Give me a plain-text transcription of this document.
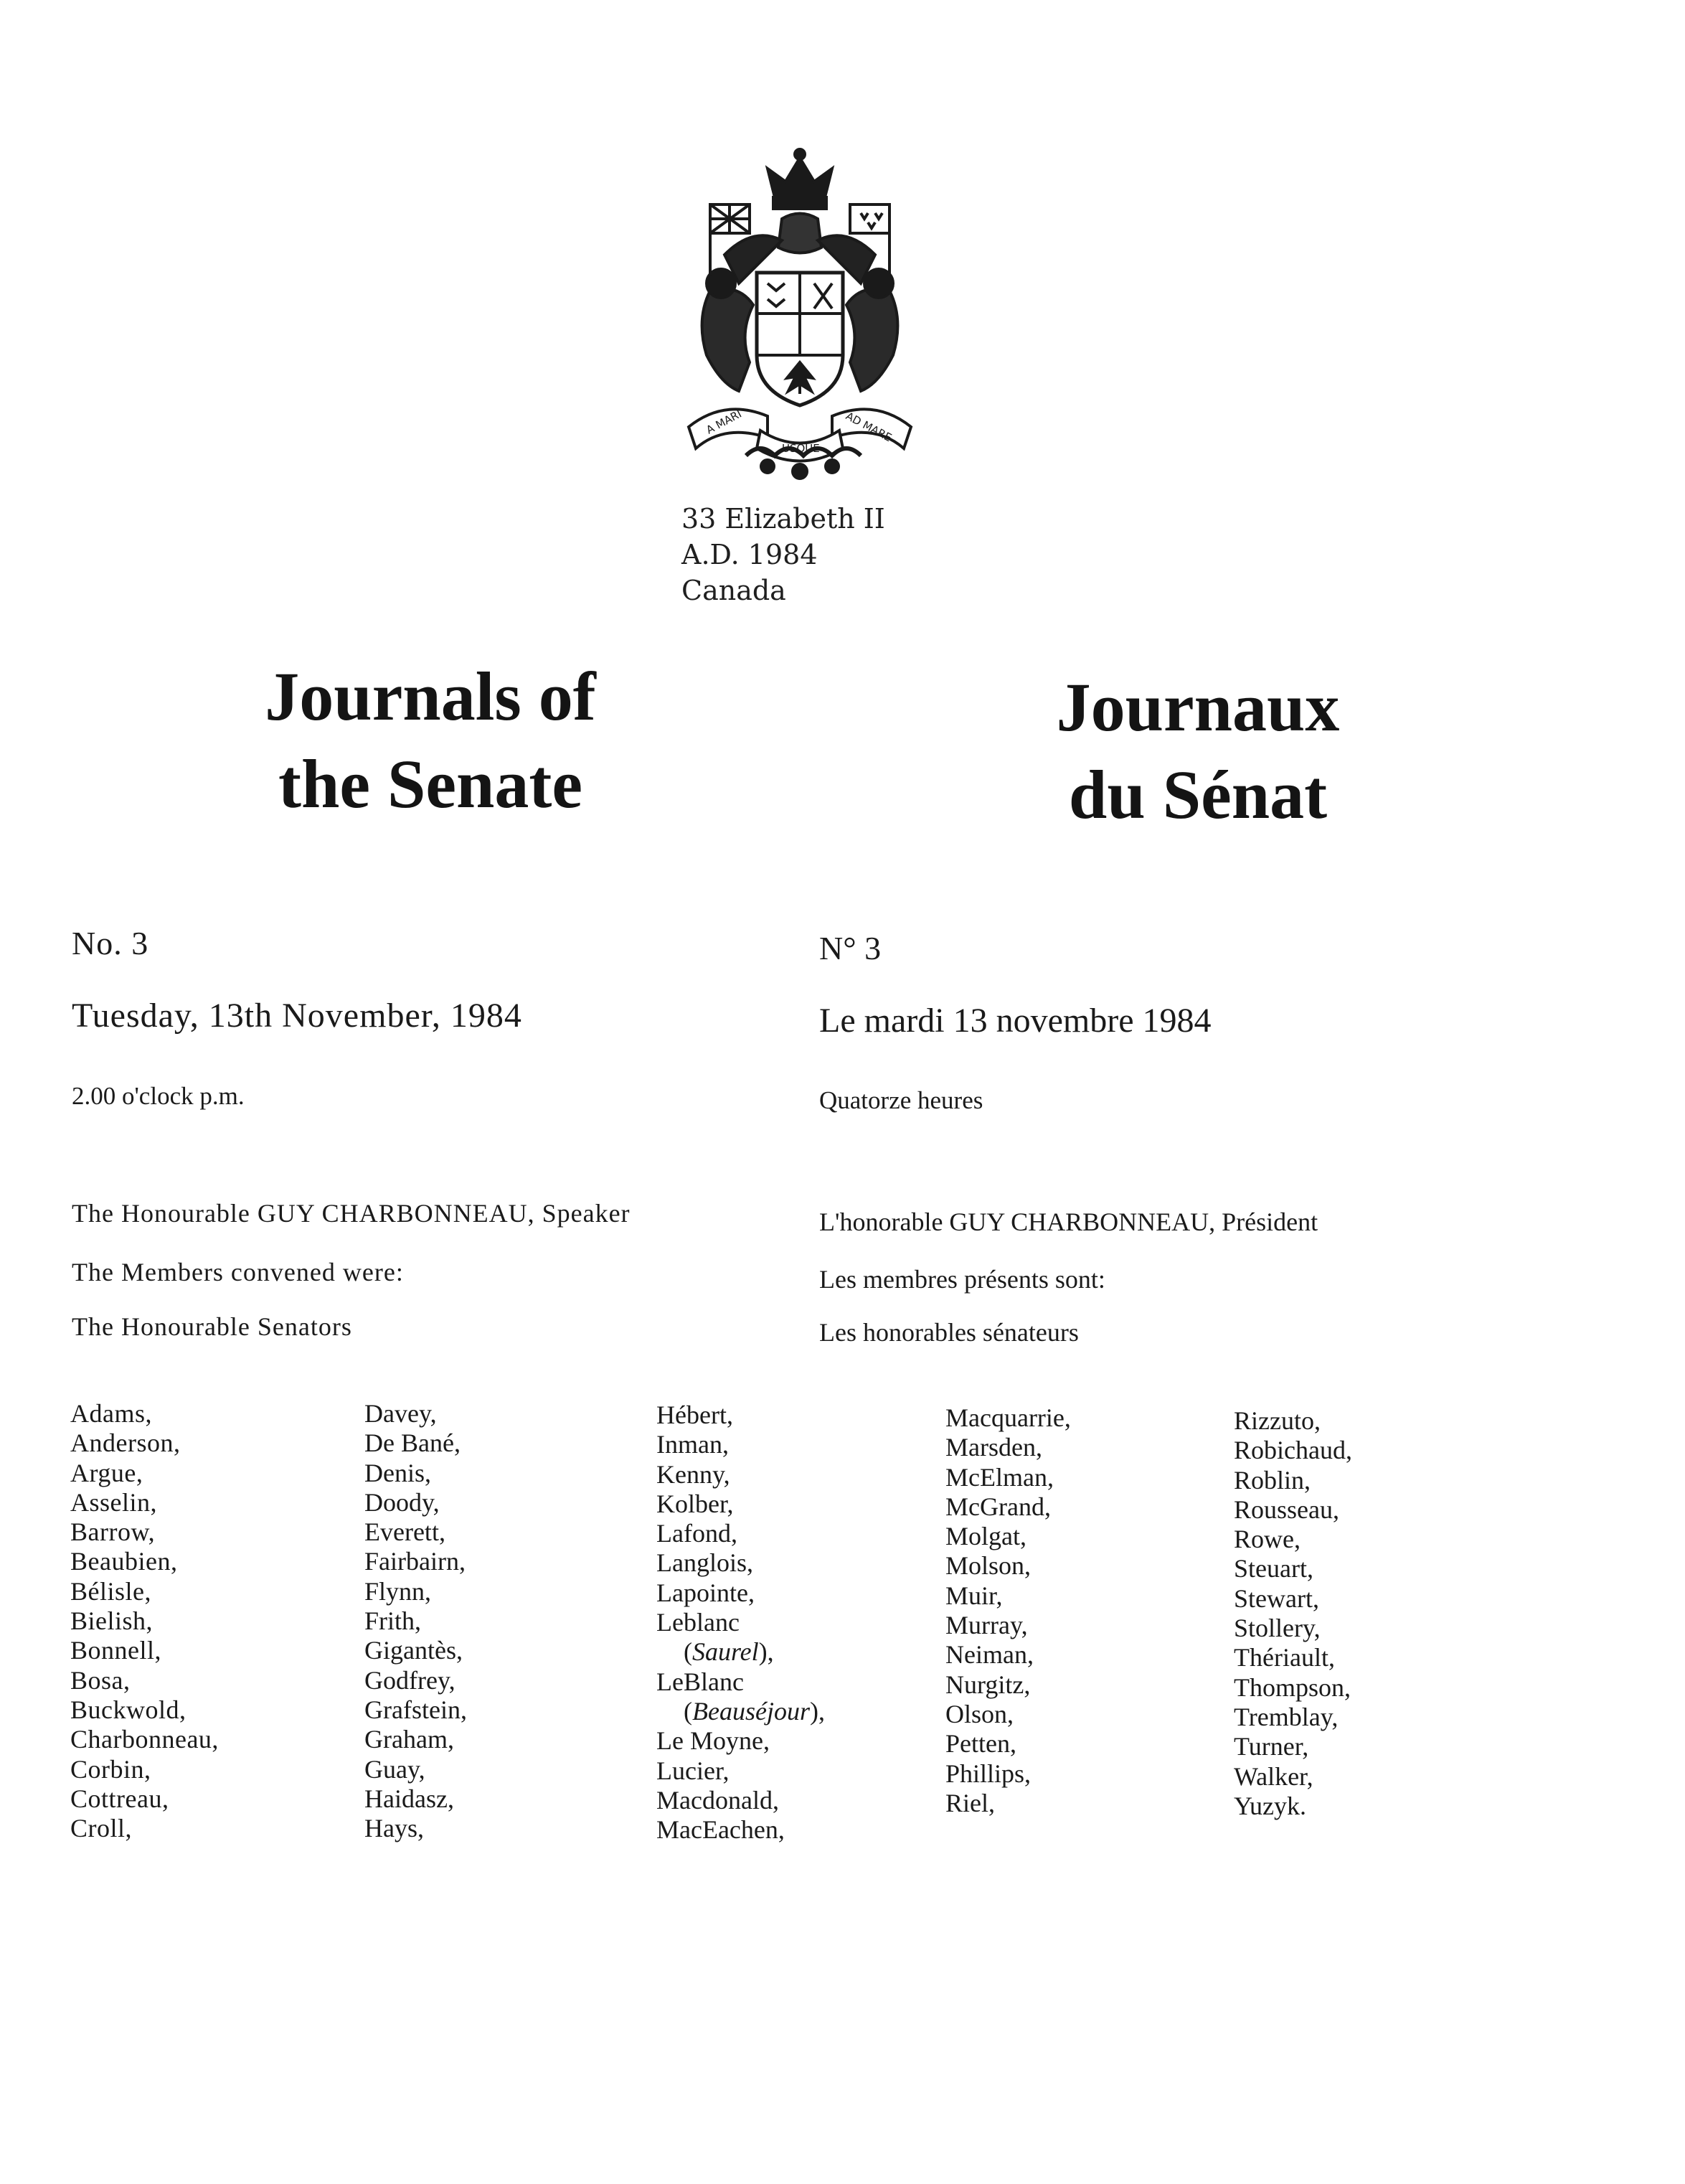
A MARI
USQUE
AD MARE
33 Elizabeth II
A.D. 1984
Canada
Journals of
the Senate
Journaux
du Sénat
No. 3
Tuesday, 13th November, 1984
2.00 o'clock p.m.
The Honourable GUY CHARBONNEAU, Speaker
The Members convened were:
The Honourable Senators
N° 3
Le mardi 13 novembre 1984
Quatorze heures
L'honorable GUY CHARBONNEAU, Président
Les membres présents sont:
Les honorables sénateurs
Adams,
Anderson,
Argue,
Asselin,
Barrow,
Beaubien,
Bélisle,
Bielish,
Bonnell,
Bosa,
Buckwold,
Charbonneau,
Corbin,
Cottreau,
Croll,
Davey,
De Bané,
Denis,
Doody,
Everett,
Fairbairn,
Flynn,
Frith,
Gigantès,
Godfrey,
Grafstein,
Graham,
Guay,
Haidasz,
Hays,
Hébert,
Inman,
Kenny,
Kolber,
Lafond,
Langlois,
Lapointe,
Leblanc
(Saurel),
LeBlanc
(Beauséjour),
Le Moyne,
Lucier,
Macdonald,
MacEachen,
Macquarrie,
Marsden,
McElman,
McGrand,
Molgat,
Molson,
Muir,
Murray,
Neiman,
Nurgitz,
Olson,
Petten,
Phillips,
Riel,
Rizzuto,
Robichaud,
Roblin,
Rousseau,
Rowe,
Steuart,
Stewart,
Stollery,
Thériault,
Thompson,
Tremblay,
Turner,
Walker,
Yuzyk.
